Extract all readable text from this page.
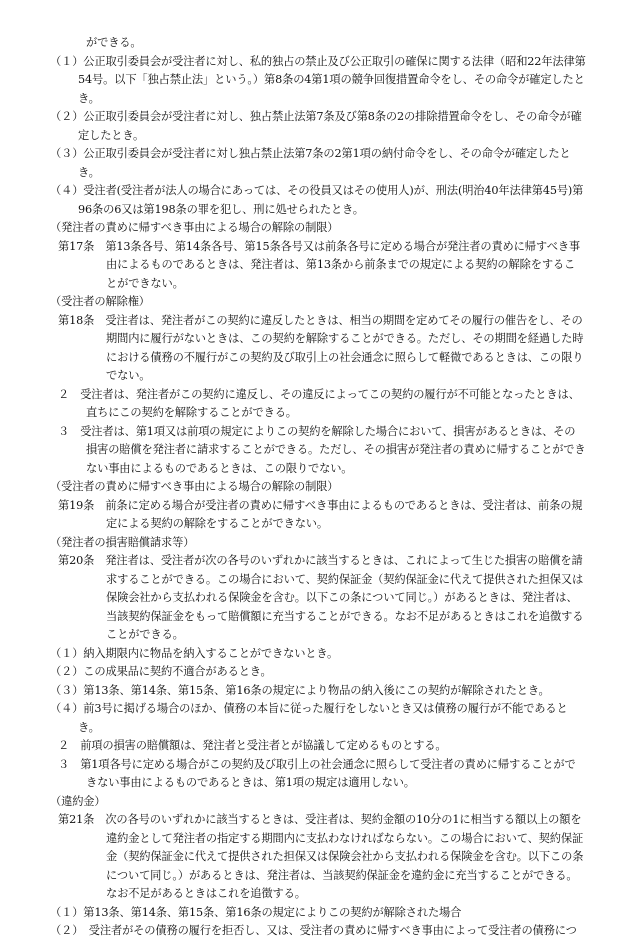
ができる。

（１）公正取引委員会が受注者に対し、私的独占の禁止及び公正取引の確保に関する法律（昭和22年法律第54号。以下「独占禁止法」という。）第8条の4第1項の競争回復措置命令をし、その命令が確定したとき。

（２）公正取引委員会が受注者に対し、独占禁止法第7条及び第8条の2の排除措置命令をし、その命令が確定したとき。

（３）公正取引委員会が受注者に対し独占禁止法第7条の2第1項の納付命令をし、その命令が確定したとき。

（４）受注者(受注者が法人の場合にあっては、その役員又はその使用人)が、刑法(明治40年法律第45号)第96条の6又は第198条の罪を犯し、刑に処せられたとき。

（発注者の責めに帰すべき事由による場合の解除の制限）

第17条　第13条各号、第14条各号、第15条各号又は前条各号に定める場合が発注者の責めに帰すべき事由によるものであるときは、発注者は、第13条から前条までの規定による契約の解除をすることができない。

（受注者の解除権）

第18条　受注者は、発注者がこの契約に違反したときは、相当の期間を定めてその履行の催告をし、その期間内に履行がないときは、この契約を解除することができる。ただし、その期間を経過した時における債務の不履行がこの契約及び取引上の社会通念に照らして軽微であるときは、この限りでない。

２　受注者は、発注者がこの契約に違反し、その違反によってこの契約の履行が不可能となったときは、直ちにこの契約を解除することができる。

３　受注者は、第1項又は前項の規定によりこの契約を解除した場合において、損害があるときは、その損害の賠償を発注者に請求することができる。ただし、その損害が発注者の責めに帰することができない事由によるものであるときは、この限りでない。

（受注者の責めに帰すべき事由による場合の解除の制限）

第19条　前条に定める場合が受注者の責めに帰すべき事由によるものであるときは、受注者は、前条の規定による契約の解除をすることができない。

（発注者の損害賠償請求等）

第20条　発注者は、受注者が次の各号のいずれかに該当するときは、これによって生じた損害の賠償を請求することができる。この場合において、契約保証金（契約保証金に代えて提供された担保又は保険会社から支払われる保険金を含む。以下この条について同じ。）があるときは、発注者は、当該契約保証金をもって賠償額に充当することができる。なお不足があるときはこれを追徴することができる。

（１）納入期限内に物品を納入することができないとき。

（２）この成果品に契約不適合があるとき。

（３）第13条、第14条、第15条、第16条の規定により物品の納入後にこの契約が解除されたとき。

（４）前3号に掲げる場合のほか、債務の本旨に従った履行をしないとき又は債務の履行が不能であるとき。

２　前項の損害の賠償額は、発注者と受注者とが協議して定めるものとする。

３　第1項各号に定める場合がこの契約及び取引上の社会通念に照らして受注者の責めに帰することができない事由によるものであるときは、第1項の規定は適用しない。

（違約金）

第21条　次の各号のいずれかに該当するときは、受注者は、契約金額の10分の1に相当する額以上の額を違約金として発注者の指定する期間内に支払わなければならない。この場合において、契約保証金（契約保証金に代えて提供された担保又は保険会社から支払われる保険金を含む。以下この条について同じ。）があるときは、発注者は、当該契約保証金を違約金に充当することができる。なお不足があるときはこれを追徴する。

（１）第13条、第14条、第15条、第16条の規定によりこの契約が解除された場合

（２）　受注者がその債務の履行を拒否し、又は、受注者の責めに帰すべき事由によって受注者の債務につ
